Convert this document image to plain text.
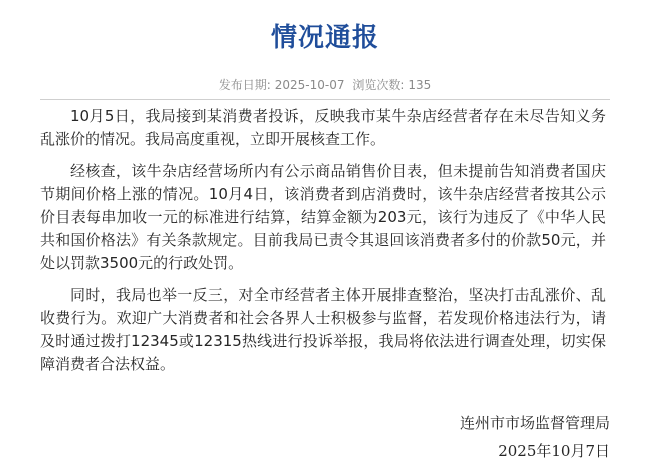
情况通报
发布日期: 2025-10-07 浏览次数: 135

10月5日，我局接到某消费者投诉，反映我市某牛杂店经营者存在未尽告知义务乱涨价的情况。我局高度重视，立即开展核查工作。

经核查，该牛杂店经营场所内有公示商品销售价目表，但未提前告知消费者国庆节期间价格上涨的情况。10月4日，该消费者到店消费时，该牛杂店经营者按其公示价目表每串加收一元的标准进行结算，结算金额为203元，该行为违反了《中华人民共和国价格法》有关条款规定。目前我局已责令其退回该消费者多付的价款50元，并处以罚款3500元的行政处罚。

同时，我局也举一反三，对全市经营者主体开展排查整治，坚决打击乱涨价、乱收费行为。欢迎广大消费者和社会各界人士积极参与监督，若发现价格违法行为，请及时通过拨打12345或12315热线进行投诉举报，我局将依法进行调查处理，切实保障消费者合法权益。

连州市市场监督管理局
2025年10月7日
